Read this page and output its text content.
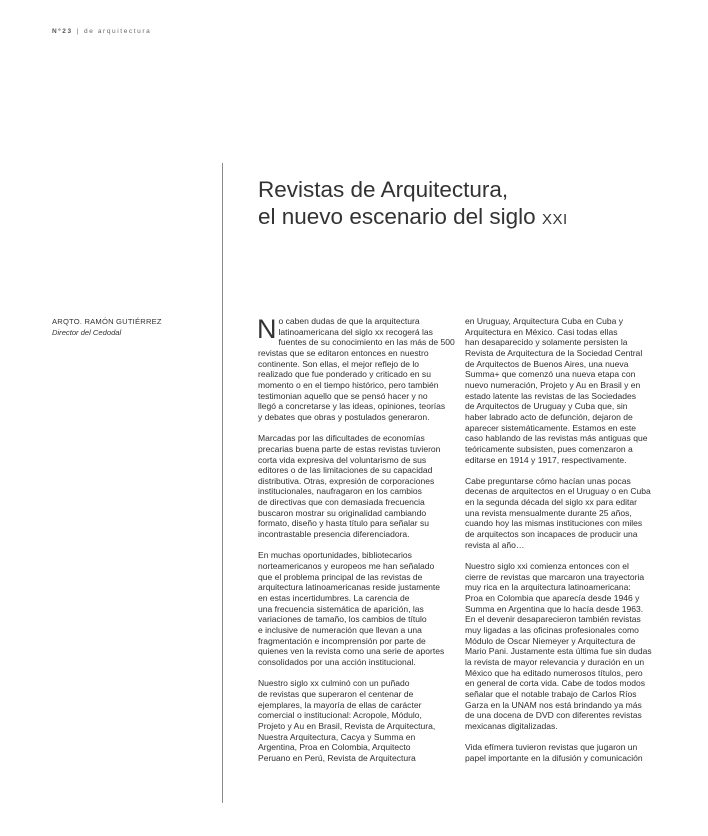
Nº23 | de arquitectura
Revistas de Arquitectura,
el nuevo escenario del siglo XXI
ARQTO. RAMÓN GUTIÉRREZ
Director del Cedodal	N o caben dudas de que la arquitectura
latinoamericana del siglo xx recogerá las
fuentes de su conocimiento en las más de 500
revistas que se editaron entonces en nuestro
continente. Son ellas, el mejor reflejo de lo
realizado que fue ponderado y criticado en su
momento o en el tiempo histórico, pero también
testimonian aquello que se pensó hacer y no
llegó a concretarse y las ideas, opiniones, teorías
y debates que obras y postulados generaron.

Marcadas por las dificultades de economías
precarias buena parte de estas revistas tuvieron
corta vida expresiva del voluntarismo de sus
editores o de las limitaciones de su capacidad
distributiva. Otras, expresión de corporaciones
institucionales, naufragaron en los cambios
de directivas que con demasiada frecuencia
buscaron mostrar su originalidad cambiando
formato, diseño y hasta título para señalar su
incontrastable presencia diferenciadora.

En muchas oportunidades, bibliotecarios
norteamericanos y europeos me han señalado
que el problema principal de las revistas de
arquitectura latinoamericanas reside justamente
en estas incertidumbres. La carencia de
una frecuencia sistemática de aparición, las
variaciones de tamaño, los cambios de título
e inclusive de numeración que llevan a una
fragmentación e incomprensión por parte de
quienes ven la revista como una serie de aportes
consolidados por una acción institucional.

Nuestro siglo xx culminó con un puñado
de revistas que superaron el centenar de
ejemplares, la mayoría de ellas de carácter
comercial o institucional: Acropole, Módulo,
Projeto y Au en Brasil, Revista de Arquitectura,
Nuestra Arquitectura, Cacya y Summa en
Argentina, Proa en Colombia, Arquitecto
Peruano en Perú, Revista de Arquitectura

en Uruguay, Arquitectura Cuba en Cuba y
Arquitectura en México. Casi todas ellas
han desaparecido y solamente persisten la
Revista de Arquitectura de la Sociedad Central
de Arquitectos de Buenos Aires, una nueva
Summa+ que comenzó una nueva etapa con
nuevo numeración, Projeto y Au en Brasil y en
estado latente las revistas de las Sociedades
de Arquitectos de Uruguay y Cuba que, sin
haber labrado acto de defunción, dejaron de
aparecer sistemáticamente. Estamos en este
caso hablando de las revistas más antiguas que
teóricamente subsisten, pues comenzaron a
editarse en 1914 y 1917, respectivamente.

Cabe preguntarse cómo hacían unas pocas
decenas de arquitectos en el Uruguay o en Cuba
en la segunda década del siglo xx para editar
una revista mensualmente durante 25 años,
cuando hoy las mismas instituciones con miles
de arquitectos son incapaces de producir una
revista al año…

Nuestro siglo xxi comienza entonces con el
cierre de revistas que marcaron una trayectoria
muy rica en la arquitectura latinoamericana:
Proa en Colombia que aparecía desde 1946 y
Summa en Argentina que lo hacía desde 1963.
En el devenir desaparecieron también revistas
muy ligadas a las oficinas profesionales como
Módulo de Oscar Niemeyer y Arquitectura de
Mario Pani. Justamente esta última fue sin dudas
la revista de mayor relevancia y duración en un
México que ha editado numerosos títulos, pero
en general de corta vida. Cabe de todos modos
señalar que el notable trabajo de Carlos Ríos
Garza en la UNAM nos está brindando ya más
de una docena de DVD con diferentes revistas
mexicanas digitalizadas.

Vida efímera tuvieron revistas que jugaron un
papel importante en la difusión y comunicación
